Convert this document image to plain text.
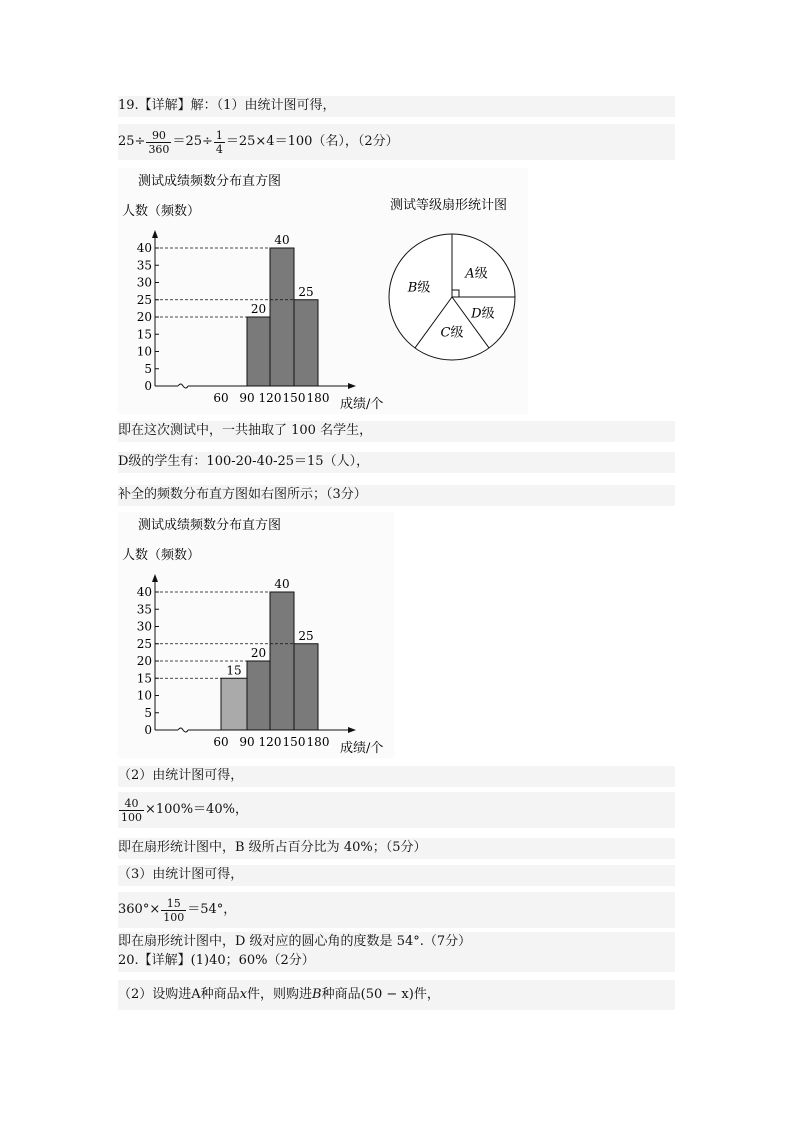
19.【详解】解：（1）由统计图可得，
$25\div \frac{90}{360} =25\div \frac{1}{4} =25\times 4=100$（名），（2分）
测试成绩频数分布直方图
人数（频数）
成绩/个
0
5
10
15
20
25
30
35
40
60 90 120 150 180
20
40
25
测试等级扇形统计图
A级
D级
C级
B级
即在这次测试中，一共抽取了 100 名学生，
D级的学生有：100-20-40-25＝15（人），
补全的频数分布直方图如右图所示；（3分）
测试成绩频数分布直方图
人数（频数）
成绩/个
0
5
10
15
20
25
30
35
40
60 90 120 150 180
15
20
40
25
（2）由统计图可得，
$\frac{40}{100} \times 100\%=40\%$，
即在扇形统计图中，B 级所占百分比为 40%；（5分）
（3）由统计图可得，
$360^\circ\times \frac{15}{100} =54^\circ$，
即在扇形统计图中，D 级对应的圆心角的度数是 54°.（7分）
20.【详解】(1)40；60%（2分）
（2）设购进A种商品x件，则购进B种商品(50 − x)件，
